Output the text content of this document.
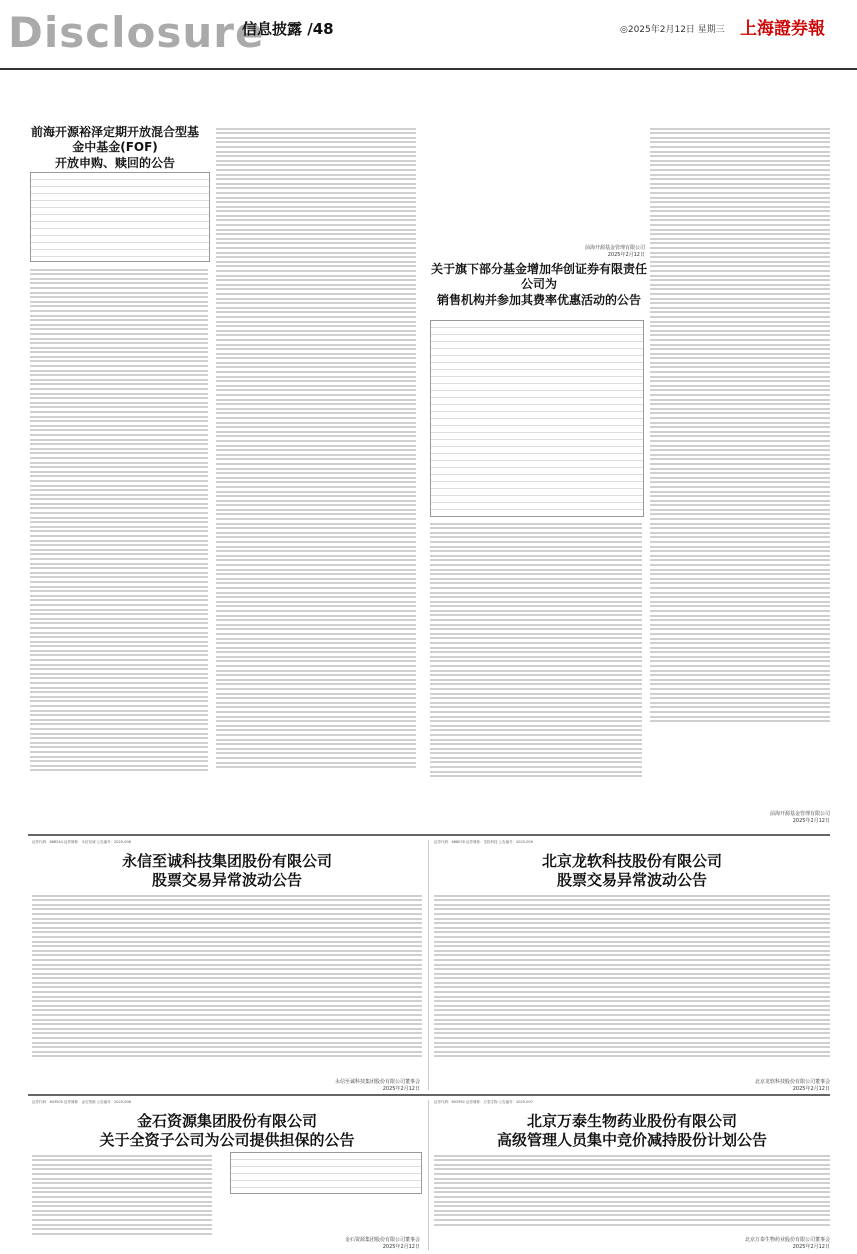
Disclosure
信息披露 /48	◎2025年2月12日 星期三 上海證券報
前海开源裕泽定期开放混合型基金中基金(FOF)
开放申购、赎回的公告
前海开源基金管理有限公司
2025年2月12日
关于旗下部分基金增加华创证券有限责任公司为
销售机构并参加其费率优惠活动的公告
前海开源基金管理有限公司
2025年2月12日
证券代码：688244 证券简称：永信至诚 公告编号：2025-008
永信至诚科技集团股份有限公司
股票交易异常波动公告
永信至诚科技集团股份有限公司董事会
2025年2月12日
证券代码：688078 证券简称：龙软科技 公告编号：2025-009
北京龙软科技股份有限公司
股票交易异常波动公告
北京龙软科技股份有限公司董事会
2025年2月12日
证券代码：603505 证券简称：金石资源 公告编号：2025-006
金石资源集团股份有限公司
关于全资子公司为公司提供担保的公告
金石资源集团股份有限公司董事会
2025年2月12日
证券代码：603392 证券简称：万泰生物 公告编号：2025-007
北京万泰生物药业股份有限公司
高级管理人员集中竞价减持股份计划公告
北京万泰生物药业股份有限公司董事会
2025年2月12日
